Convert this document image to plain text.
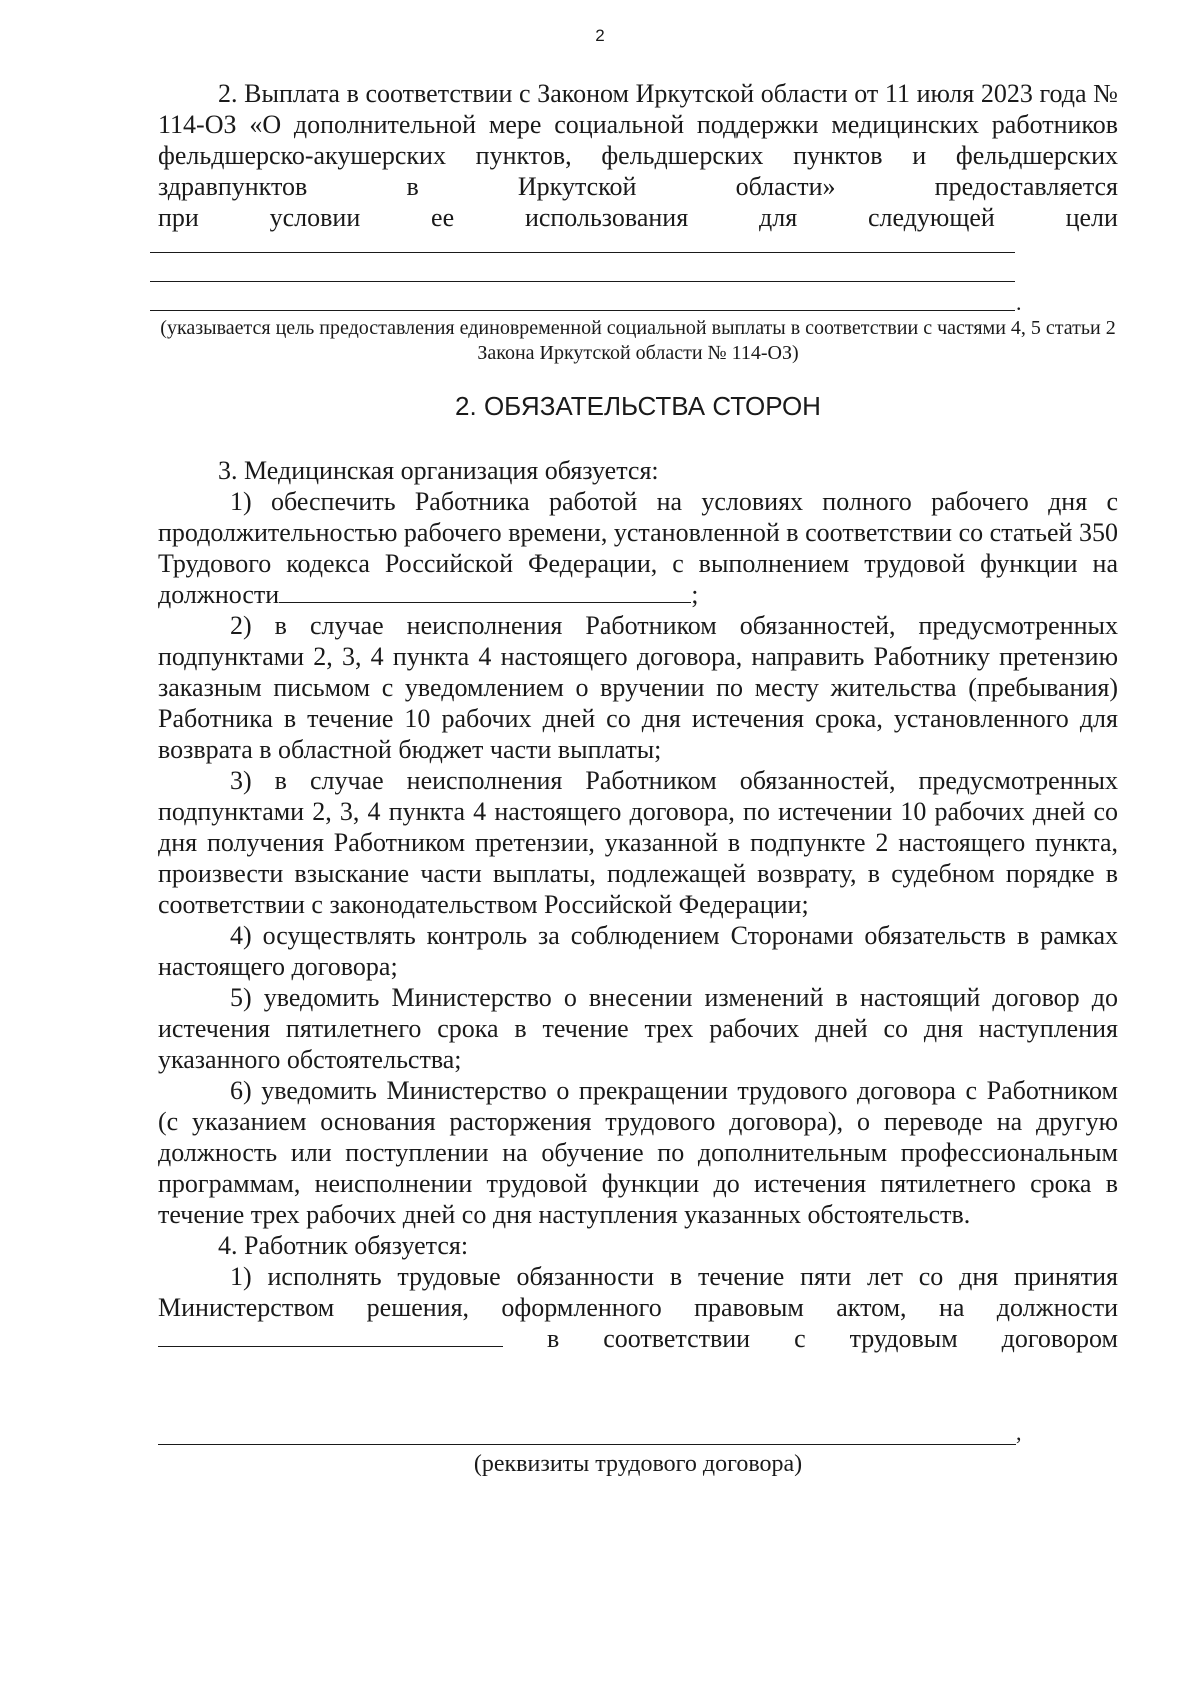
2

2. Выплата в соответствии с Законом Иркутской области от 11 июля 2023 года № 114-ОЗ «О дополнительной мере социальной поддержки медицинских работников фельдшерско-акушерских пунктов, фельдшерских пунктов и фельдшерских здравпунктов в Иркутской области» предоставляется

при	условии	ее	использования	для	следующей	цели
.
(указывается цель предоставления единовременной социальной выплаты в соответствии с частями 4, 5 статьи 2 Закона Иркутской области № 114-ОЗ)
2. ОБЯЗАТЕЛЬСТВА СТОРОН

3. Медицинская организация обязуется:

1) обеспечить Работника работой на условиях полного рабочего дня с продолжительностью рабочего времени, установленной в соответствии со статьей 350 Трудового кодекса Российской Федерации, с выполнением трудовой функции на должности	;

2) в случае неисполнения Работником обязанностей, предусмотренных подпунктами 2, 3, 4 пункта 4 настоящего договора, направить Работнику претензию заказным письмом с уведомлением о вручении по месту жительства (пребывания) Работника в течение 10 рабочих дней со дня истечения срока, установленного для возврата в областной бюджет части выплаты;

3) в случае неисполнения Работником обязанностей, предусмотренных подпунктами 2, 3, 4 пункта 4 настоящего договора, по истечении 10 рабочих дней со дня получения Работником претензии, указанной в подпункте 2 настоящего пункта, произвести взыскание части выплаты, подлежащей возврату, в судебном порядке в соответствии с законодательством Российской Федерации;

4) осуществлять контроль за соблюдением Сторонами обязательств в рамках настоящего договора;

5) уведомить Министерство о внесении изменений в настоящий договор до истечения пятилетнего срока в течение трех рабочих дней со дня наступления указанного обстоятельства;

6) уведомить Министерство о прекращении трудового договора с Работником (с указанием основания расторжения трудового договора), о переводе на другую должность или поступлении на обучение по дополнительным профессиональным программам, неисполнении трудовой функции до истечения пятилетнего срока в течение трех рабочих дней со дня наступления указанных обстоятельств.

4. Работник обязуется:

1) исполнять трудовые обязанности в течение пяти лет со дня принятия Министерством решения, оформленного правовым актом, на должности

в соответствии с трудовым договором
,
(реквизиты трудового договора)
